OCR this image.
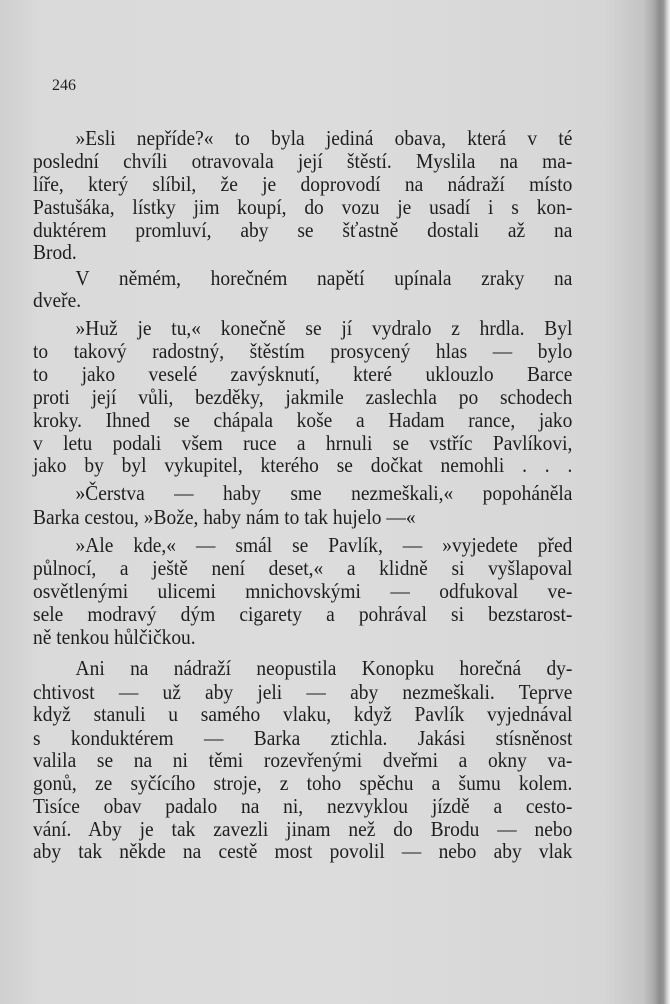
246
»Esli nepříde?« to byla jediná obava, která v té
poslední chvíli otravovala její štěstí. Myslila na ma-
líře, který slíbil, že je doprovodí na nádraží místo
Pastušáka, lístky jim koupí, do vozu je usadí i s kon-
duktérem promluví, aby se šťastně dostali až na
Brod.
V němém, horečném napětí upínala zraky na
dveře.
»Huž je tu,« konečně se jí vydralo z hrdla. Byl
to takový radostný, štěstím prosycený hlas — bylo
to jako veselé zavýsknutí, které uklouzlo Barce
proti její vůli, bezděky, jakmile zaslechla po schodech
kroky. Ihned se chápala koše a Hadam rance, jako
v letu podali všem ruce a hrnuli se vstříc Pavlíkovi,
jako by byl vykupitel, kterého se dočkat nemohli . . .
»Čerstva — haby sme nezmeškali,« popoháněla
Barka cestou, »Bože, haby nám to tak hujelo —«
»Ale kde,« — smál se Pavlík, — »vyjedete před
půlnocí, a ještě není deset,« a klidně si vyšlapoval
osvětlenými ulicemi mnichovskými — odfukoval ve-
sele modravý dým cigarety a pohrával si bezstarost-
ně tenkou hůlčičkou.
Ani na nádraží neopustila Konopku horečná dy-
chtivost — už aby jeli — aby nezmeškali. Teprve
když stanuli u samého vlaku, když Pavlík vyjednával
s konduktérem — Barka ztichla. Jakási stísněnost
valila se na ni těmi rozevřenými dveřmi a okny va-
gonů, ze syčícího stroje, z toho spěchu a šumu kolem.
Tisíce obav padalo na ni, nezvyklou jízdě a cesto-
vání. Aby je tak zavezli jinam než do Brodu — nebo
aby tak někde na cestě most povolil — nebo aby vlak
